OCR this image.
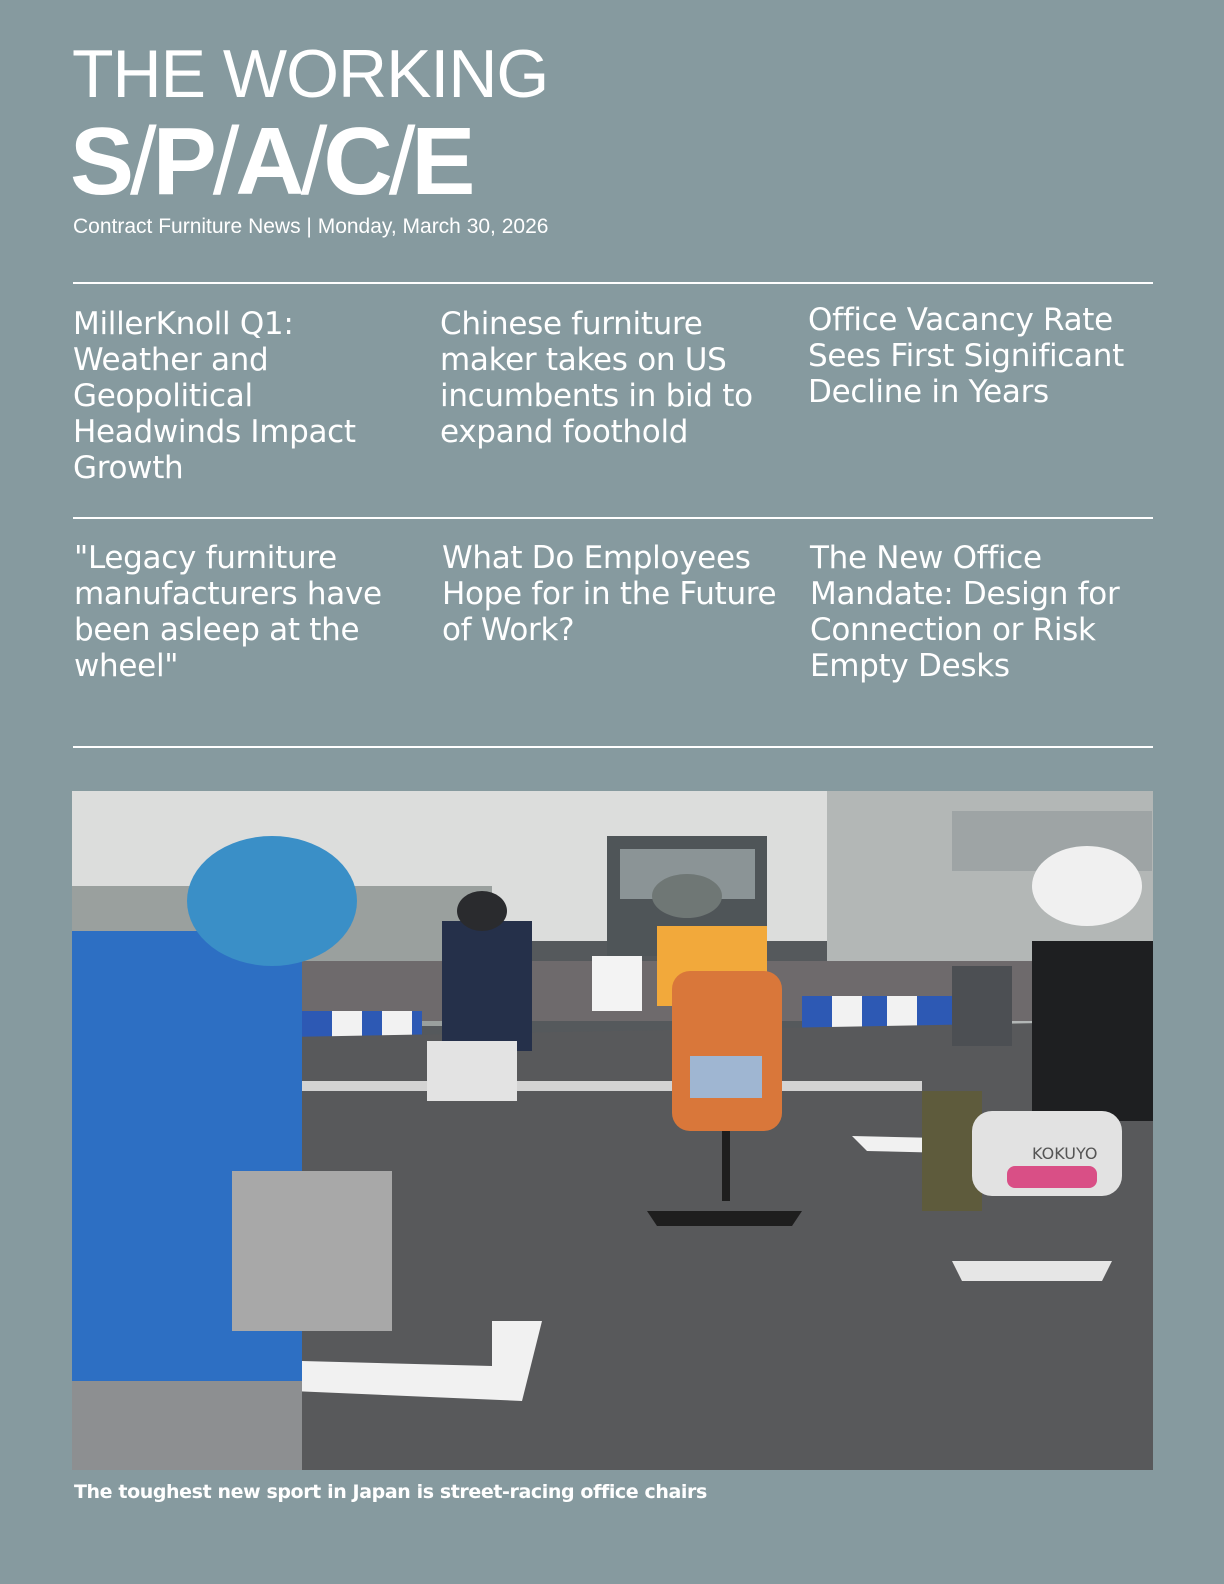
THE WORKING
S/P/A/C/E
Contract Furniture News | Monday, March 30, 2026
MillerKnoll Q1: Weather and Geopolitical Headwinds Impact Growth
Chinese furniture maker takes on US incumbents in bid to expand foothold
Office Vacancy Rate Sees First Significant Decline in Years
"Legacy furniture manufacturers have been asleep at the wheel"
What Do Employees Hope for in the Future of Work?
The New Office Mandate: Design for Connection or Risk Empty Desks
KOKUYO
The toughest new sport in Japan is street-racing office chairs
